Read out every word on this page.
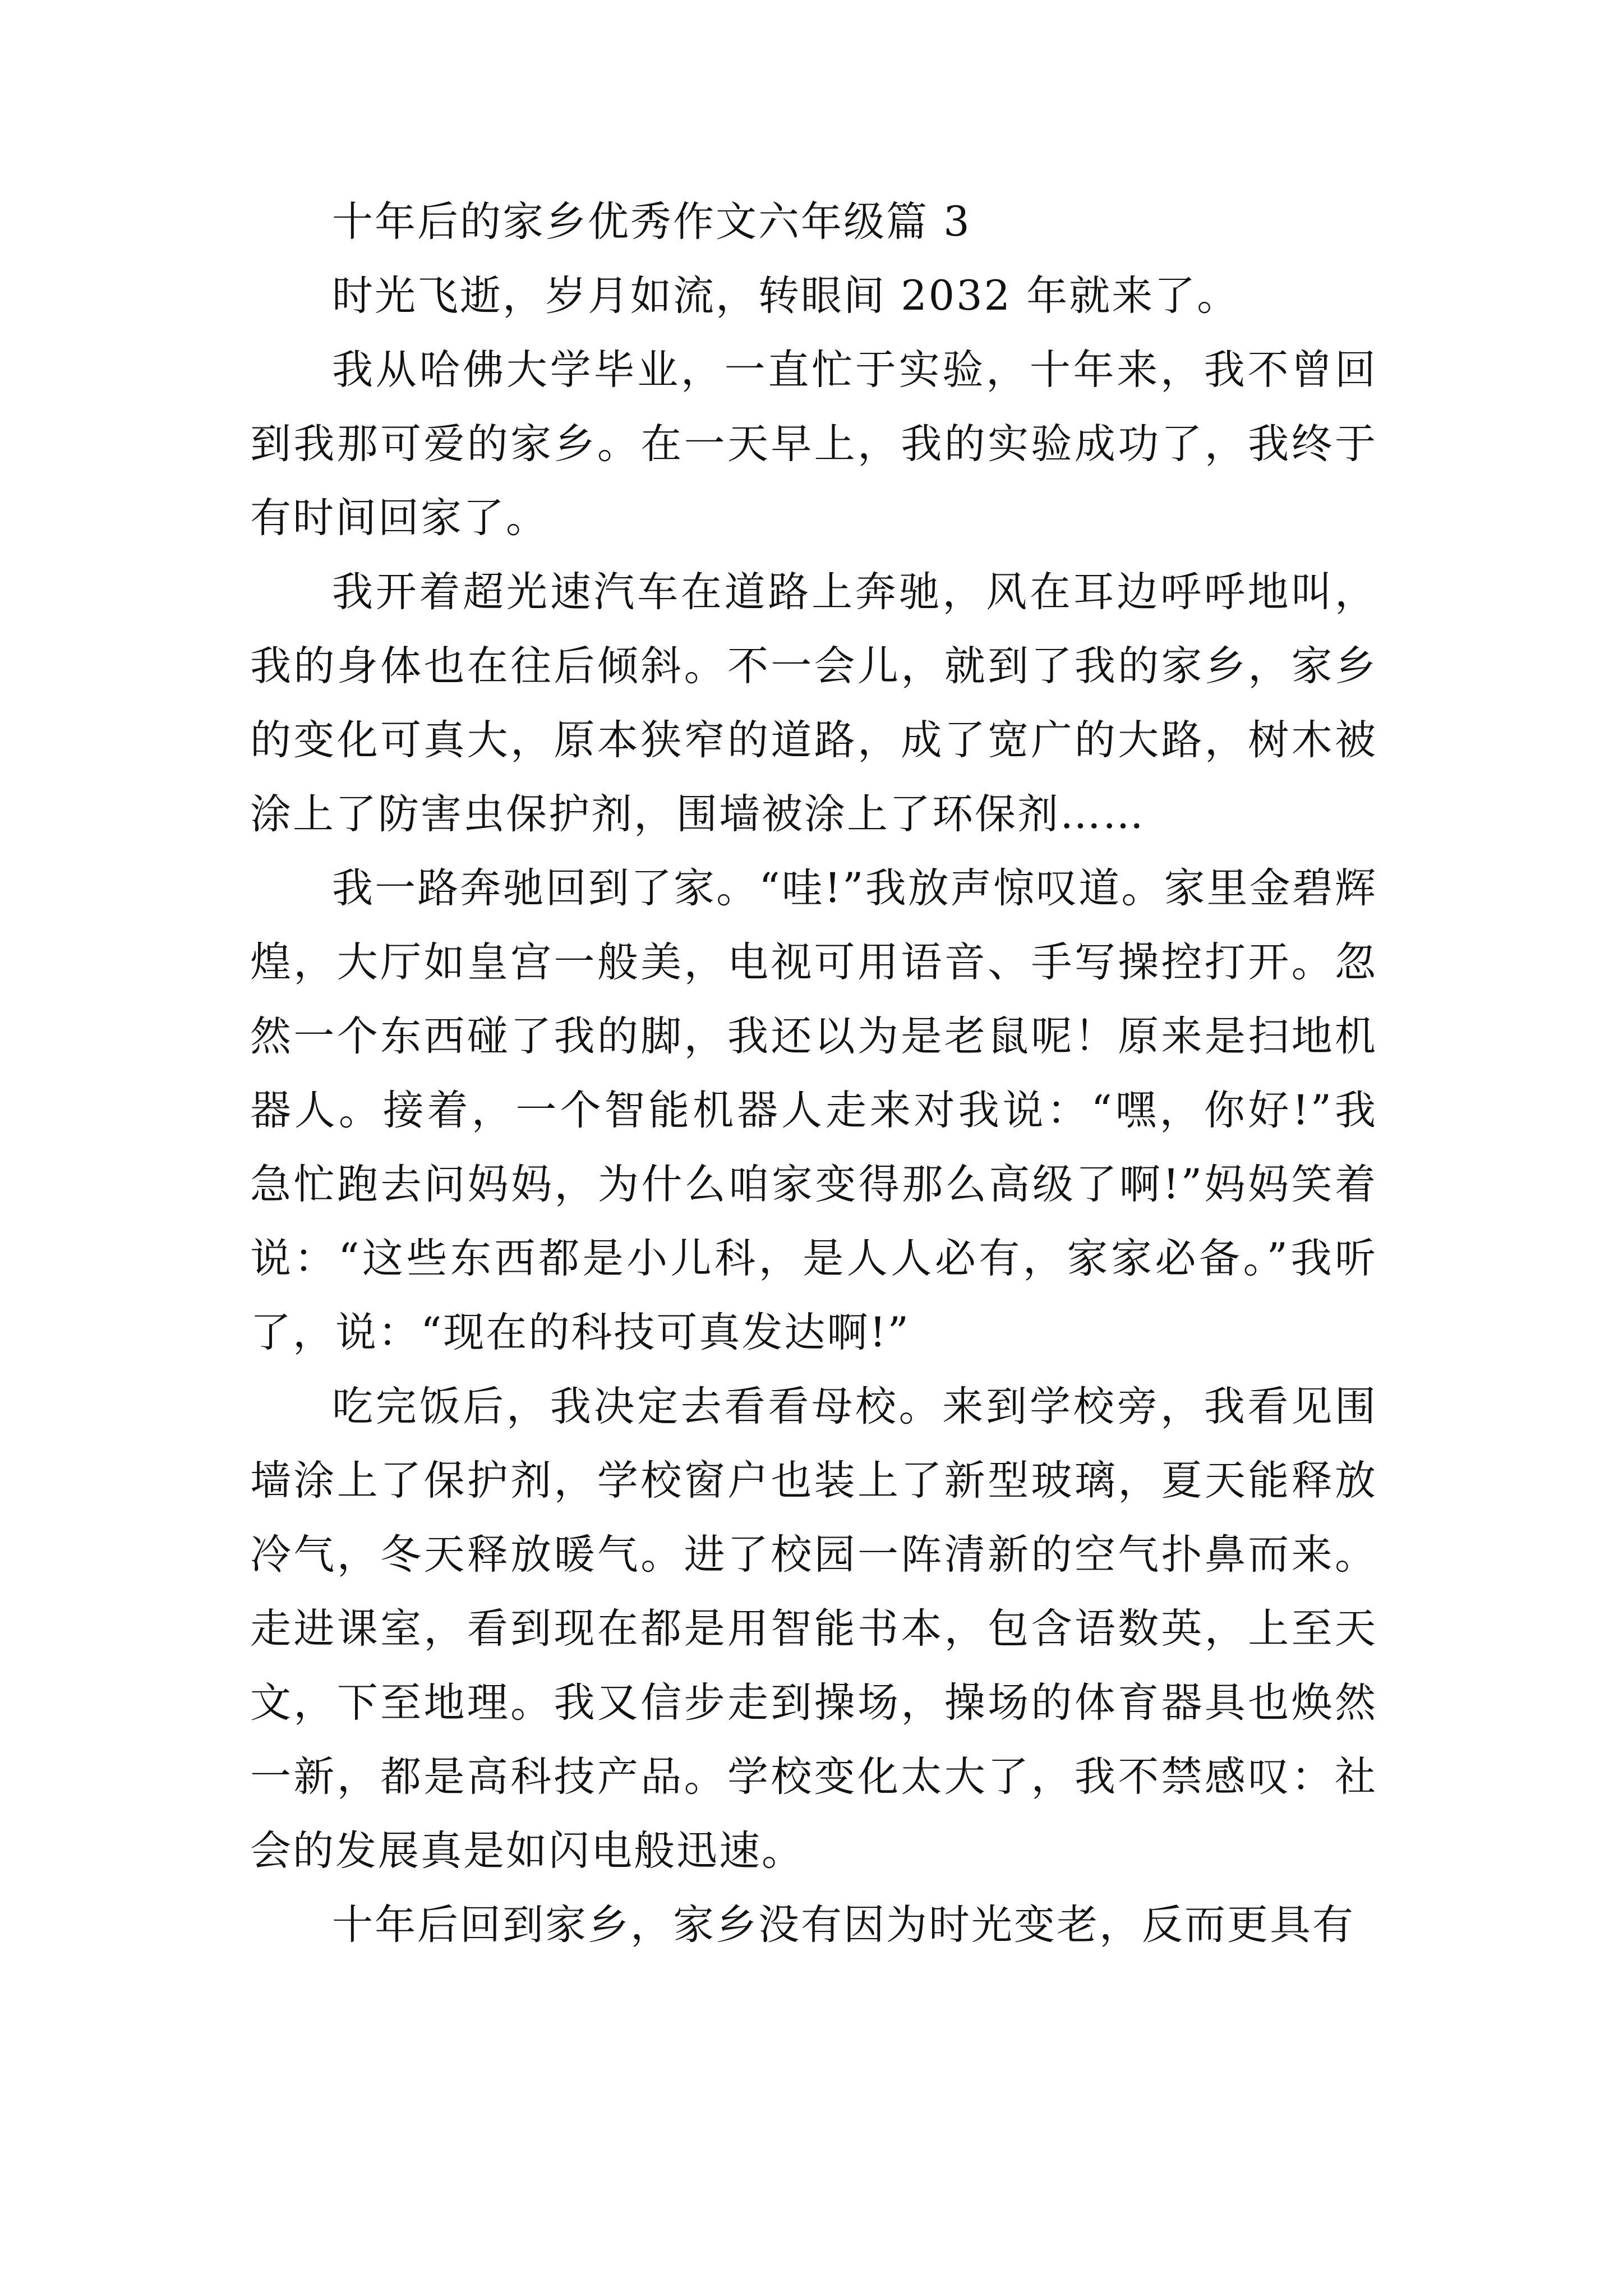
十年后的家乡优秀作文六年级篇 3

时光飞逝，岁月如流，转眼间 2032 年就来了。

我从哈佛大学毕业，一直忙于实验，十年来，我不曾回到我那可爱的家乡。在一天早上，我的实验成功了，我终于有时间回家了。

我开着超光速汽车在道路上奔驰，风在耳边呼呼地叫，我的身体也在往后倾斜。不一会儿，就到了我的家乡，家乡的变化可真大，原本狭窄的道路，成了宽广的大路，树木被涂上了防害虫保护剂，围墙被涂上了环保剂……

我一路奔驰回到了家。“哇!”我放声惊叹道。家里金碧辉煌，大厅如皇宫一般美，电视可用语音、手写操控打开。忽然一个东西碰了我的脚，我还以为是老鼠呢！原来是扫地机器人。接着，一个智能机器人走来对我说：“嘿，你好!”我急忙跑去问妈妈，为什么咱家变得那么高级了啊!”妈妈笑着说：“这些东西都是小儿科，是人人必有，家家必备。”我听了，说：“现在的科技可真发达啊!”

吃完饭后，我决定去看看母校。来到学校旁，我看见围墙涂上了保护剂，学校窗户也装上了新型玻璃，夏天能释放冷气，冬天释放暖气。进了校园一阵清新的空气扑鼻而来。走进课室，看到现在都是用智能书本，包含语数英，上至天文，下至地理。我又信步走到操场，操场的体育器具也焕然一新，都是高科技产品。学校变化太大了，我不禁感叹：社会的发展真是如闪电般迅速。

十年后回到家乡，家乡没有因为时光变老，反而更具有
